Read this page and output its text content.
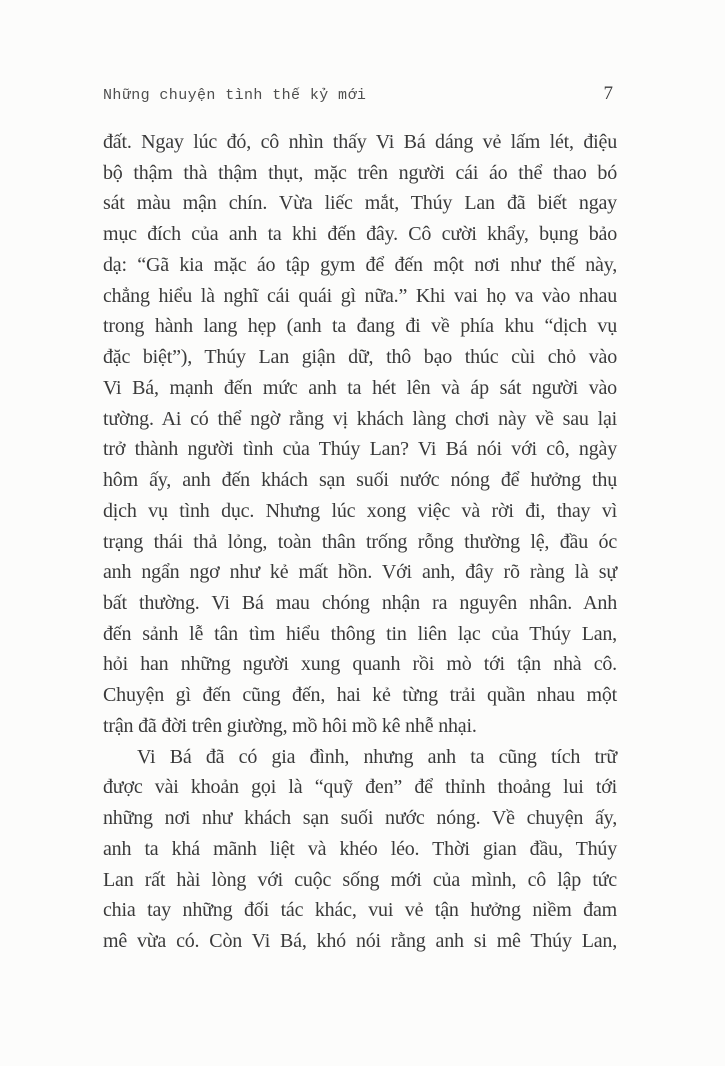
Những chuyện tình thế kỷ mới	7
đất. Ngay lúc đó, cô nhìn thấy Vi Bá dáng vẻ lấm lét, điệu
bộ thậm thà thậm thụt, mặc trên người cái áo thể thao bó
sát màu mận chín. Vừa liếc mắt, Thúy Lan đã biết ngay
mục đích của anh ta khi đến đây. Cô cười khẩy, bụng bảo
dạ: “Gã kia mặc áo tập gym để đến một nơi như thế này,
chẳng hiểu là nghĩ cái quái gì nữa.” Khi vai họ va vào nhau
trong hành lang hẹp (anh ta đang đi về phía khu “dịch vụ
đặc biệt”), Thúy Lan giận dữ, thô bạo thúc cùi chỏ vào
Vi Bá, mạnh đến mức anh ta hét lên và áp sát người vào
tường. Ai có thể ngờ rằng vị khách làng chơi này về sau lại
trở thành người tình của Thúy Lan? Vi Bá nói với cô, ngày
hôm ấy, anh đến khách sạn suối nước nóng để hưởng thụ
dịch vụ tình dục. Nhưng lúc xong việc và rời đi, thay vì
trạng thái thả lỏng, toàn thân trống rỗng thường lệ, đầu óc
anh ngẩn ngơ như kẻ mất hồn. Với anh, đây rõ ràng là sự
bất thường. Vi Bá mau chóng nhận ra nguyên nhân. Anh
đến sảnh lễ tân tìm hiểu thông tin liên lạc của Thúy Lan,
hỏi han những người xung quanh rồi mò tới tận nhà cô.
Chuyện gì đến cũng đến, hai kẻ từng trải quần nhau một
trận đã đời trên giường, mồ hôi mồ kê nhễ nhại.
Vi Bá đã có gia đình, nhưng anh ta cũng tích trữ
được vài khoản gọi là “quỹ đen” để thỉnh thoảng lui tới
những nơi như khách sạn suối nước nóng. Về chuyện ấy,
anh ta khá mãnh liệt và khéo léo. Thời gian đầu, Thúy
Lan rất hài lòng với cuộc sống mới của mình, cô lập tức
chia tay những đối tác khác, vui vẻ tận hưởng niềm đam
mê vừa có. Còn Vi Bá, khó nói rằng anh si mê Thúy Lan,
